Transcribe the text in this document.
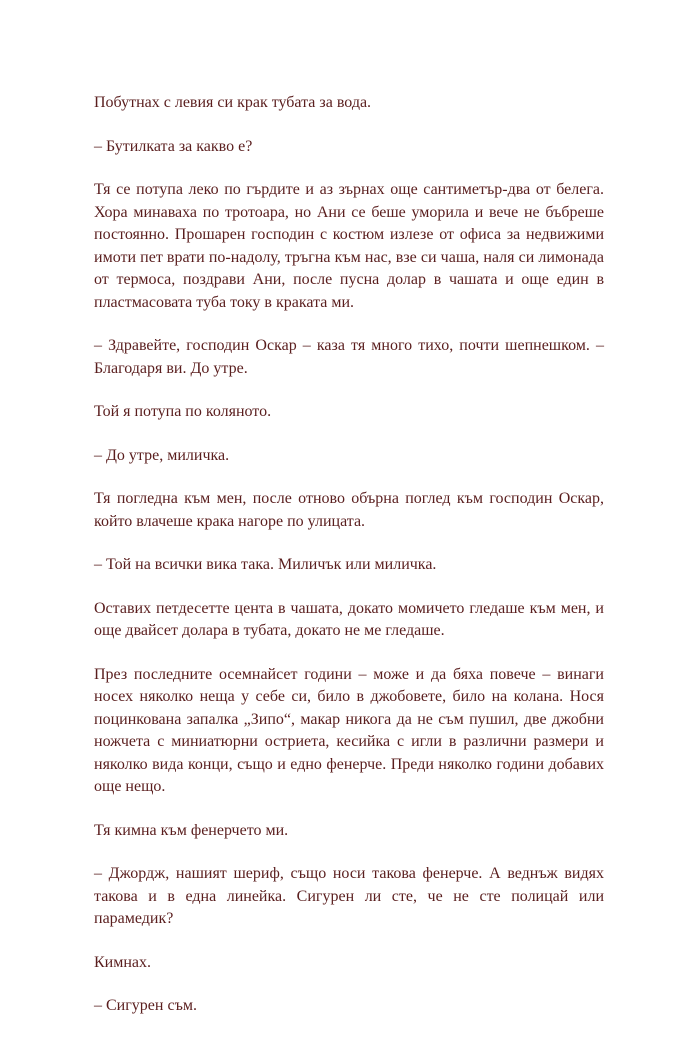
Побутнах с левия си крак тубата за вода.

– Бутилката за какво е?

Тя се потупа леко по гърдите и аз зърнах още сантиметър-два от белега. Хора минаваха по тротоара, но Ани се беше уморила и вече не бъбреше постоянно. Прошарен господин с костюм излезе от офиса за недвижими имоти пет врати по-надолу, тръгна към нас, взе си чаша, наля си лимонада от термоса, поздрави Ани, после пусна долар в чашата и още един в пластмасовата туба току в краката ми.

– Здравейте, господин Оскар – каза тя много тихо, почти шепнешком. – Благодаря ви. До утре.

Той я потупа по коляното.

– До утре, миличка.

Тя погледна към мен, после отново обърна поглед към господин Оскар, който влачеше крака нагоре по улицата.

– Той на всички вика така. Миличък или миличка.

Оставих петдесетте цента в чашата, докато момичето гледаше към мен, и още двайсет долара в тубата, докато не ме гледаше.

През последните осемнайсет години – може и да бяха повече – винаги носех няколко неща у себе си, било в джобовете, било на колана. Нося поцинкована запалка „Зипо“, макар никога да не съм пушил, две джобни ножчета с миниатюрни остриета, кесийка с игли в различни размери и няколко вида конци, също и едно фенерче. Преди няколко години добавих още нещо.

Тя кимна към фенерчето ми.

– Джордж, нашият шериф, също носи такова фенерче. А веднъж видях такова и в една линейка. Сигурен ли сте, че не сте полицай или парамедик?

Кимнах.

– Сигурен съм.
